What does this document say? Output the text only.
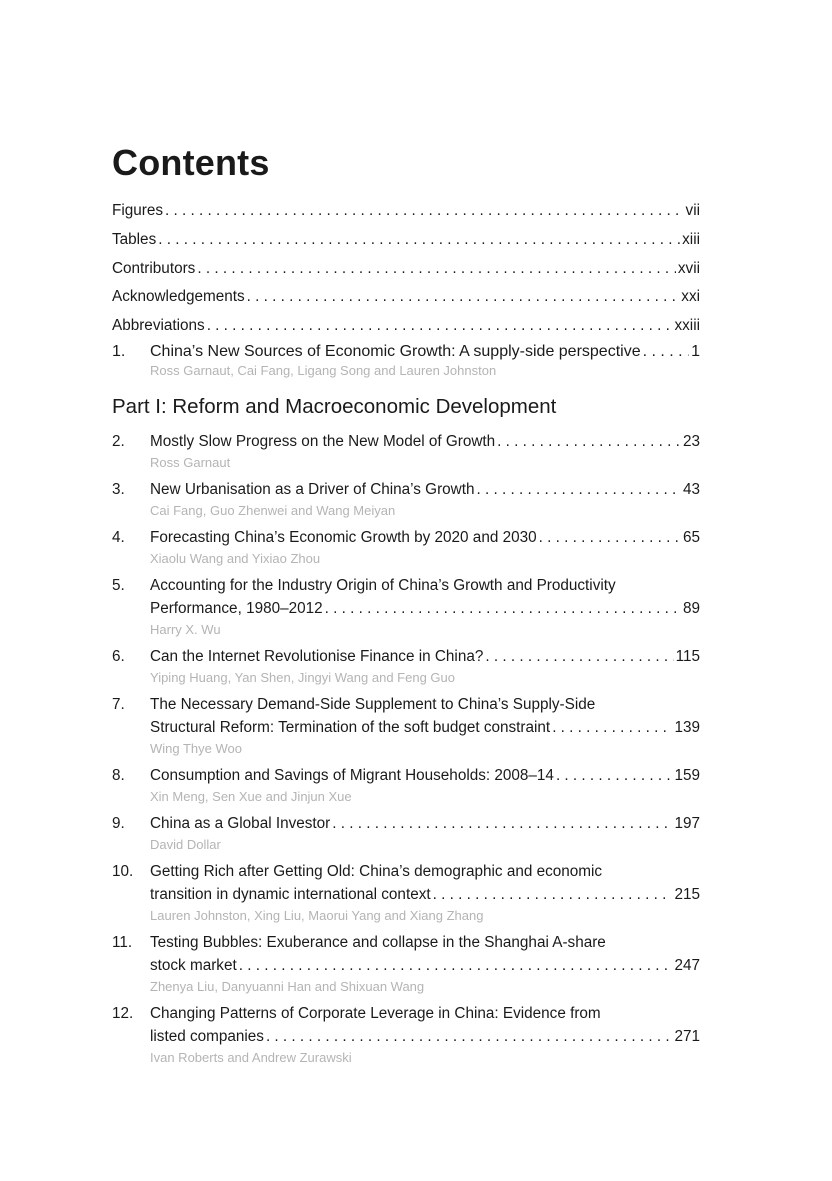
Contents
Figures . . .	vii
Tables . . .	xiii
Contributors . . .	xvii
Acknowledgements . . .	xxi
Abbreviations . . .	xxiii
1. China’s New Sources of Economic Growth: A supply-side perspective . . .	1
Ross Garnaut, Cai Fang, Ligang Song and Lauren Johnston
Part I: Reform and Macroeconomic Development
2. Mostly Slow Progress on the New Model of Growth . . .	23
Ross Garnaut
3. New Urbanisation as a Driver of China’s Growth . . .	43
Cai Fang, Guo Zhenwei and Wang Meiyan
4. Forecasting China’s Economic Growth by 2020 and 2030 . . .	65
Xiaolu Wang and Yixiao Zhou
5. Accounting for the Industry Origin of China’s Growth and Productivity
Performance, 1980–2012 . . .	89
Harry X. Wu
6. Can the Internet Revolutionise Finance in China? . . .	115
Yiping Huang, Yan Shen, Jingyi Wang and Feng Guo
7. The Necessary Demand-Side Supplement to China’s Supply-Side
Structural Reform: Termination of the soft budget constraint . . .	139
Wing Thye Woo
8. Consumption and Savings of Migrant Households: 2008–14 . . .	159
Xin Meng, Sen Xue and Jinjun Xue
9. China as a Global Investor . . .	197
David Dollar
10. Getting Rich after Getting Old: China’s demographic and economic
transition in dynamic international context . . .	215
Lauren Johnston, Xing Liu, Maorui Yang and Xiang Zhang
11. Testing Bubbles: Exuberance and collapse in the Shanghai A-share
stock market . . .	247
Zhenya Liu, Danyuanni Han and Shixuan Wang
12. Changing Patterns of Corporate Leverage in China: Evidence from
listed companies . . .	271
Ivan Roberts and Andrew Zurawski
